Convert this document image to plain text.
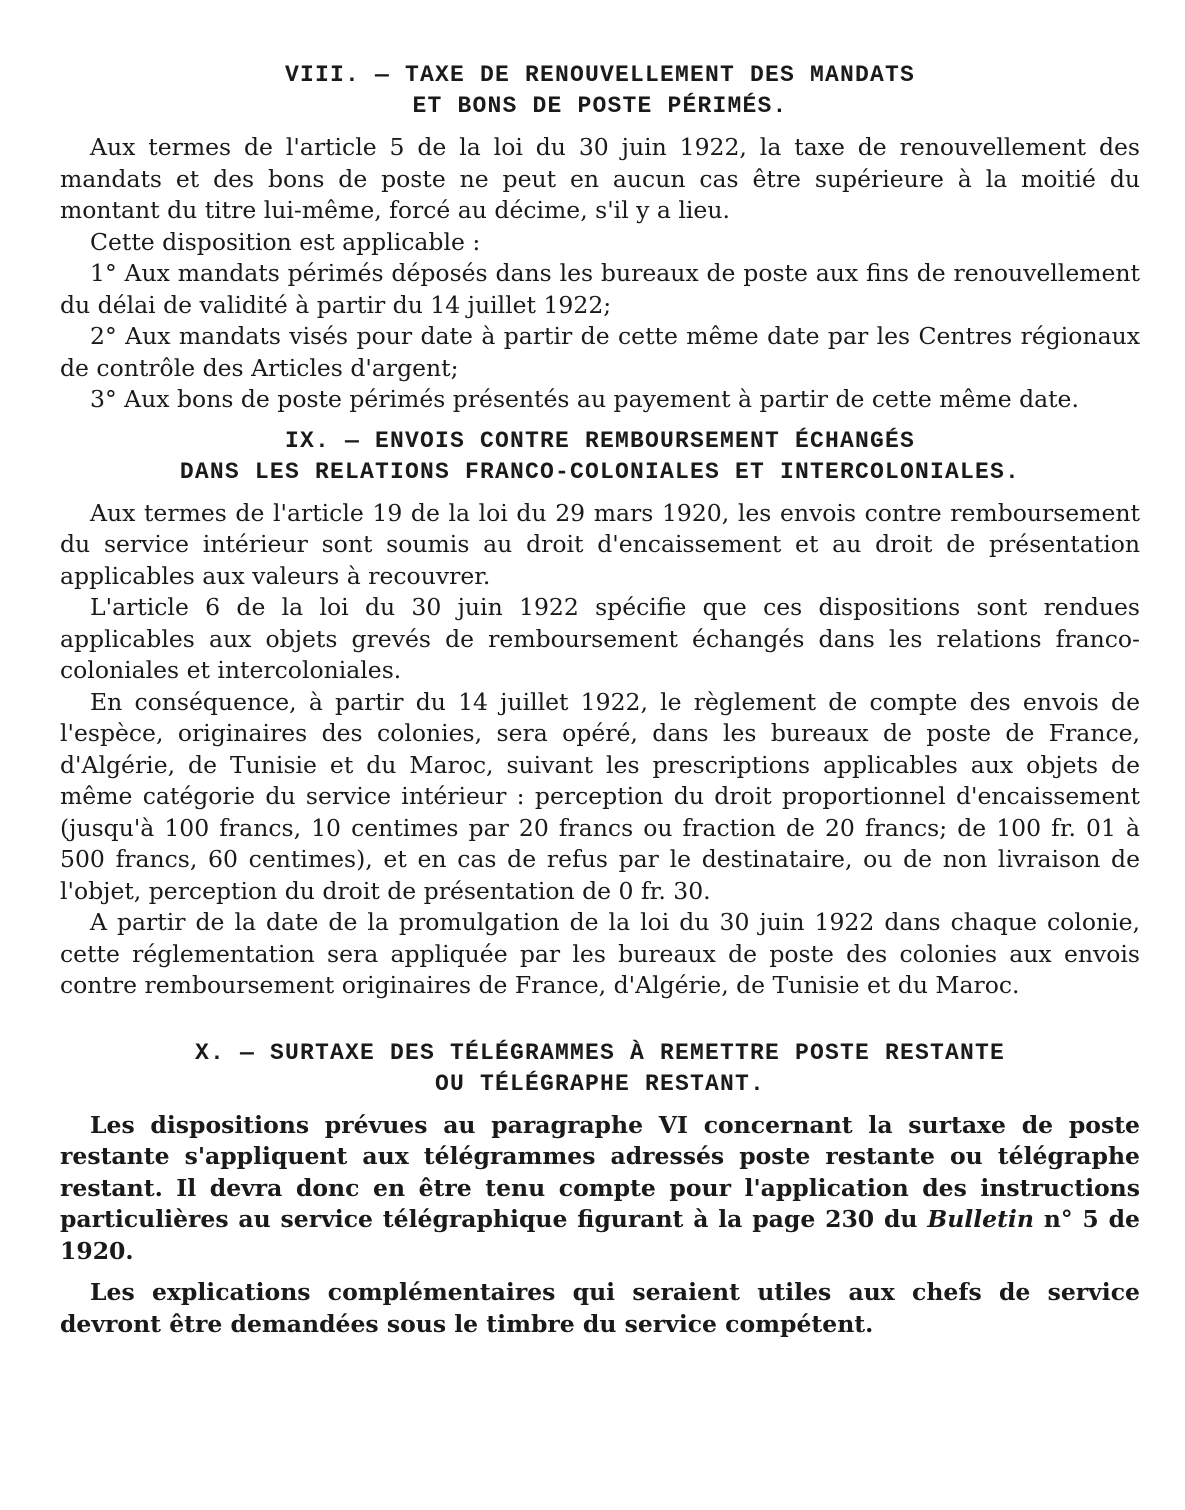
VIII. — TAXE DE RENOUVELLEMENT DES MANDATS
ET BONS DE POSTE PÉRIMÉS.

Aux termes de l'article 5 de la loi du 30 juin 1922, la taxe de renouvellement des mandats et des bons de poste ne peut en aucun cas être supérieure à la moitié du montant du titre lui-même, forcé au décime, s'il y a lieu.

Cette disposition est applicable :

1° Aux mandats périmés déposés dans les bureaux de poste aux fins de renouvellement du délai de validité à partir du 14 juillet 1922;

2° Aux mandats visés pour date à partir de cette même date par les Centres régionaux de contrôle des Articles d'argent;

3° Aux bons de poste périmés présentés au payement à partir de cette même date.

IX. — ENVOIS CONTRE REMBOURSEMENT ÉCHANGÉS
DANS LES RELATIONS FRANCO-COLONIALES ET INTERCOLONIALES.

Aux termes de l'article 19 de la loi du 29 mars 1920, les envois contre remboursement du service intérieur sont soumis au droit d'encaissement et au droit de présentation applicables aux valeurs à recouvrer.

L'article 6 de la loi du 30 juin 1922 spécifie que ces dispositions sont rendues applicables aux objets grevés de remboursement échangés dans les relations franco-coloniales et intercoloniales.

En conséquence, à partir du 14 juillet 1922, le règlement de compte des envois de l'espèce, originaires des colonies, sera opéré, dans les bureaux de poste de France, d'Algérie, de Tunisie et du Maroc, suivant les prescriptions applicables aux objets de même catégorie du service intérieur : perception du droit proportionnel d'encaissement (jusqu'à 100 francs, 10 centimes par 20 francs ou fraction de 20 francs; de 100 fr. 01 à 500 francs, 60 centimes), et en cas de refus par le destinataire, ou de non livraison de l'objet, perception du droit de présentation de 0 fr. 30.

A partir de la date de la promulgation de la loi du 30 juin 1922 dans chaque colonie, cette réglementation sera appliquée par les bureaux de poste des colonies aux envois contre remboursement originaires de France, d'Algérie, de Tunisie et du Maroc.

X. — SURTAXE DES TÉLÉGRAMMES À REMETTRE POSTE RESTANTE
OU TÉLÉGRAPHE RESTANT.

Les dispositions prévues au paragraphe VI concernant la surtaxe de poste restante s'appliquent aux télégrammes adressés poste restante ou télégraphe restant. Il devra donc en être tenu compte pour l'application des instructions particulières au service télégraphique figurant à la page 230 du Bulletin n° 5 de 1920.

Les explications complémentaires qui seraient utiles aux chefs de service devront être demandées sous le timbre du service compétent.
